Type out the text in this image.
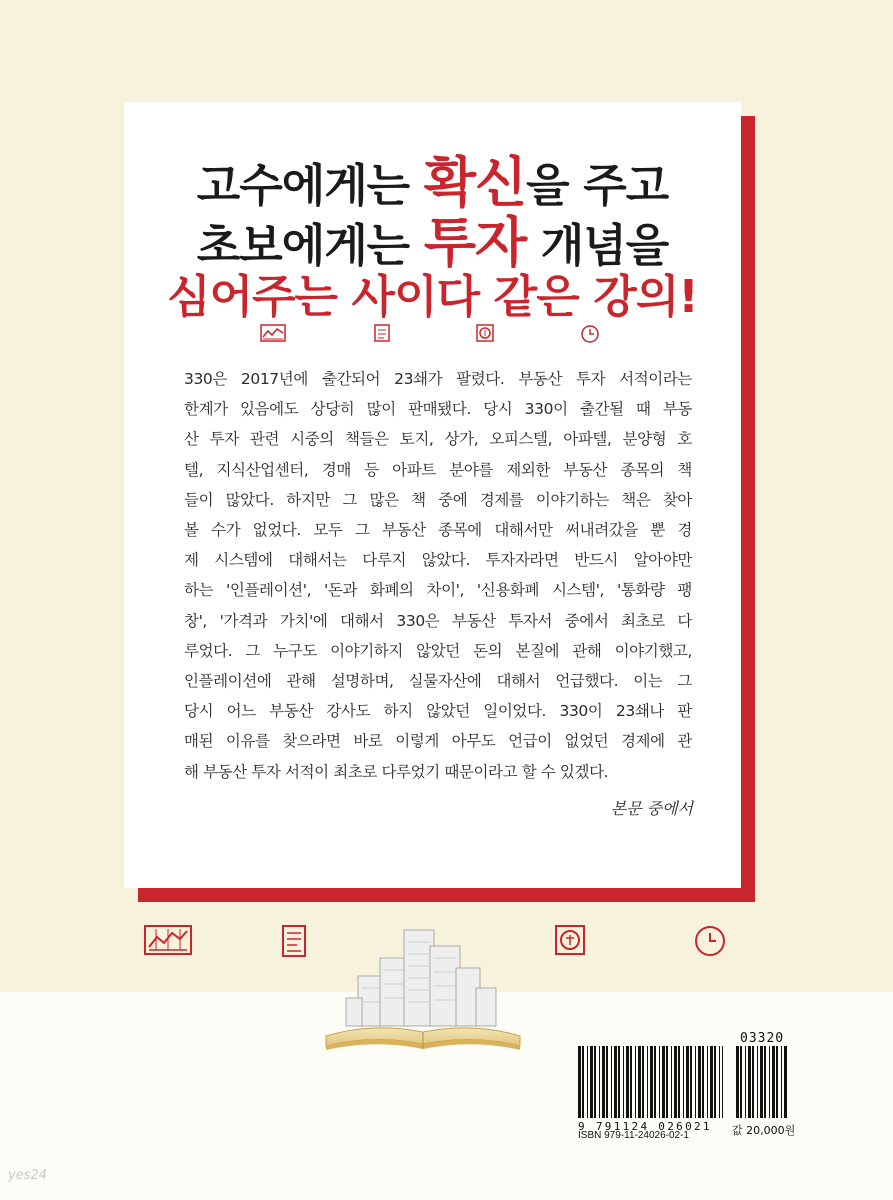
고수에게는 확신을 주고
초보에게는 투자 개념을
심어주는 사이다 같은 강의!
330은 2017년에 출간되어 23쇄가 팔렸다. 부동산 투자 서적이라는
한계가 있음에도 상당히 많이 판매됐다. 당시 330이 출간될 때 부동
산 투자 관련 시중의 책들은 토지, 상가, 오피스텔, 아파텔, 분양형 호
텔, 지식산업센터, 경매 등 아파트 분야를 제외한 부동산 종목의 책
들이 많았다. 하지만 그 많은 책 중에 경제를 이야기하는 책은 찾아
볼 수가 없었다. 모두 그 부동산 종목에 대해서만 써내려갔을 뿐 경
제 시스템에 대해서는 다루지 않았다. 투자자라면 반드시 알아야만
하는 '인플레이션', '돈과 화폐의 차이', '신용화폐 시스템', '통화량 팽
창', '가격과 가치'에 대해서 330은 부동산 투자서 중에서 최초로 다
루었다. 그 누구도 이야기하지 않았던 돈의 본질에 관해 이야기했고,
인플레이션에 관해 설명하며, 실물자산에 대해서 언급했다. 이는 그
당시 어느 부동산 강사도 하지 않았던 일이었다. 330이 23쇄나 판
매된 이유를 찾으라면 바로 이렇게 아무도 언급이 없었던 경제에 관
해 부동산 투자 서적이 최초로 다루었기 때문이라고 할 수 있겠다.
본문 중에서
9 791124 026021
ISBN 979-11-24026-02-1
03320
값 20,000원
yes24
